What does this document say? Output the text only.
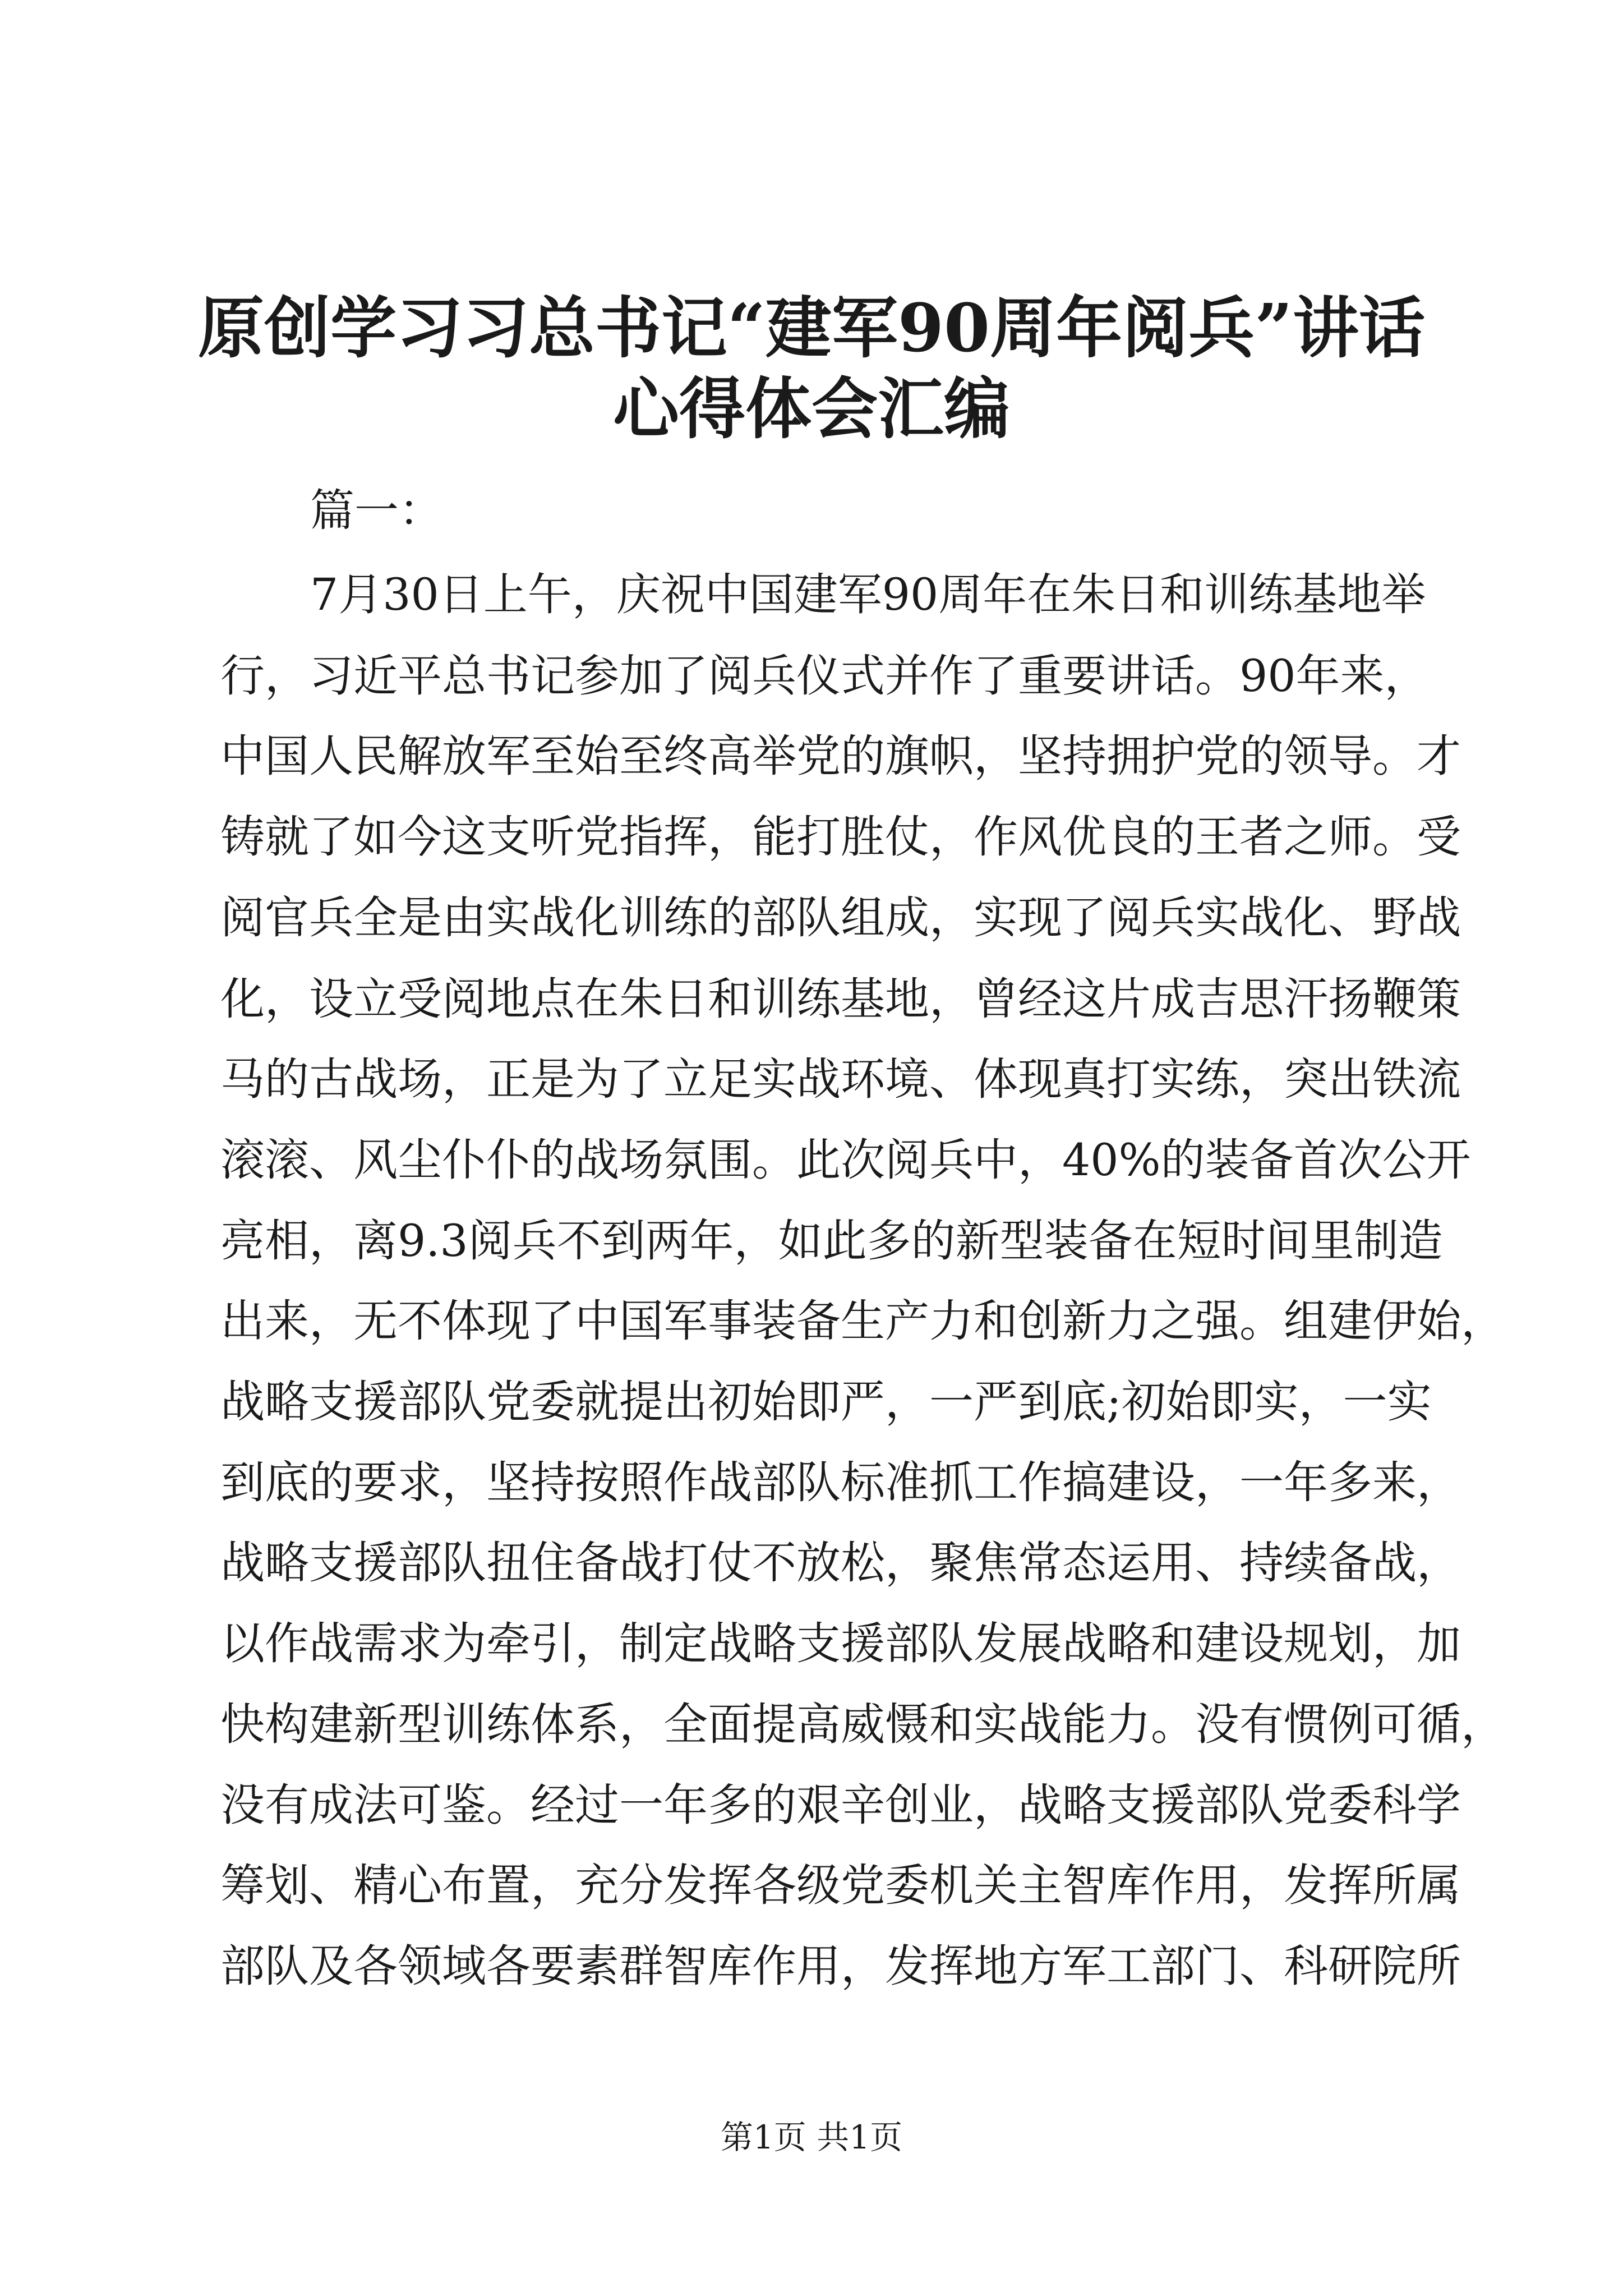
原创学习习总书记“建军90周年阅兵”讲话
心得体会汇编
篇一：
7月30日上午，庆祝中国建军90周年在朱日和训练基地举
行，习近平总书记参加了阅兵仪式并作了重要讲话。90年来，
中国人民解放军至始至终高举党的旗帜，坚持拥护党的领导。才
铸就了如今这支听党指挥，能打胜仗，作风优良的王者之师。受
阅官兵全是由实战化训练的部队组成，实现了阅兵实战化、野战
化，设立受阅地点在朱日和训练基地，曾经这片成吉思汗扬鞭策
马的古战场，正是为了立足实战环境、体现真打实练，突出铁流
滚滚、风尘仆仆的战场氛围。此次阅兵中，40%的装备首次公开
亮相，离9.3阅兵不到两年，如此多的新型装备在短时间里制造
出来，无不体现了中国军事装备生产力和创新力之强。组建伊始，
战略支援部队党委就提出初始即严，一严到底;初始即实，一实
到底的要求，坚持按照作战部队标准抓工作搞建设，一年多来，
战略支援部队扭住备战打仗不放松，聚焦常态运用、持续备战，
以作战需求为牵引，制定战略支援部队发展战略和建设规划，加
快构建新型训练体系，全面提高威慑和实战能力。没有惯例可循，
没有成法可鉴。经过一年多的艰辛创业，战略支援部队党委科学
筹划、精心布置，充分发挥各级党委机关主智库作用，发挥所属
部队及各领域各要素群智库作用，发挥地方军工部门、科研院所
第1页 共1页
